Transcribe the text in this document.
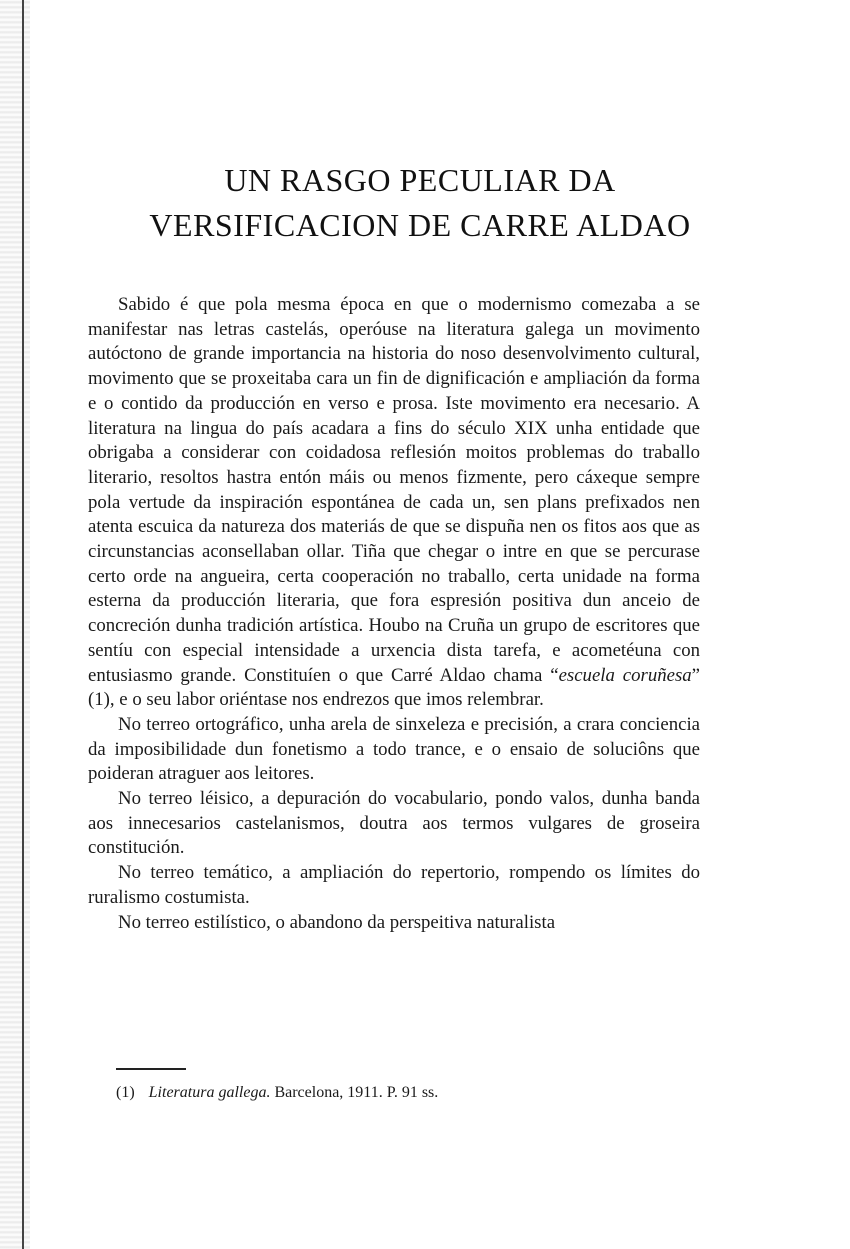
UN RASGO PECULIAR DA
VERSIFICACION DE CARRE ALDAO

Sabido é que pola mesma época en que o modernismo comezaba a se manifestar nas letras castelás, operóuse na literatura galega un movimento autóctono de grande importancia na historia do noso desenvolvimento cultural, movimento que se proxeitaba cara un fin de dignificación e ampliación da forma e o contido da producción en verso e prosa. Iste movimento era necesario. A literatura na lingua do país acadara a fins do século XIX unha entidade que obrigaba a considerar con coidadosa reflesión moitos problemas do traballo literario, resoltos hastra entón máis ou menos fizmente, pero cáxeque sempre pola vertude da inspiración espontánea de cada un, sen plans prefixados nen atenta escuica da natureza dos materiás de que se dispuña nen os fitos aos que as circunstancias aconsellaban ollar. Tiña que chegar o intre en que se percurase certo orde na angueira, certa cooperación no traballo, certa unidade na forma esterna da producción literaria, que fora espresión positiva dun anceio de concreción dunha tradición artística. Houbo na Cruña un grupo de escritores que sentíu con especial intensidade a urxencia dista tarefa, e acometéuna con entusiasmo grande. Constituíen o que Carré Aldao chama “escuela coruñesa” (1), e o seu labor oriéntase nos endrezos que imos relembrar.

No terreo ortográfico, unha arela de sinxeleza e precisión, a crara conciencia da imposibilidade dun fonetismo a todo trance, e o ensaio de soluciôns que poideran atraguer aos leitores.

No terreo léisico, a depuración do vocabulario, pondo valos, dunha banda aos innecesarios castelanismos, doutra aos termos vulgares de groseira constitución.

No terreo temático, a ampliación do repertorio, rompendo os límites do ruralismo costumista.

No terreo estilístico, o abandono da perspeitiva naturalista

(1) Literatura gallega. Barcelona, 1911. P. 91 ss.
